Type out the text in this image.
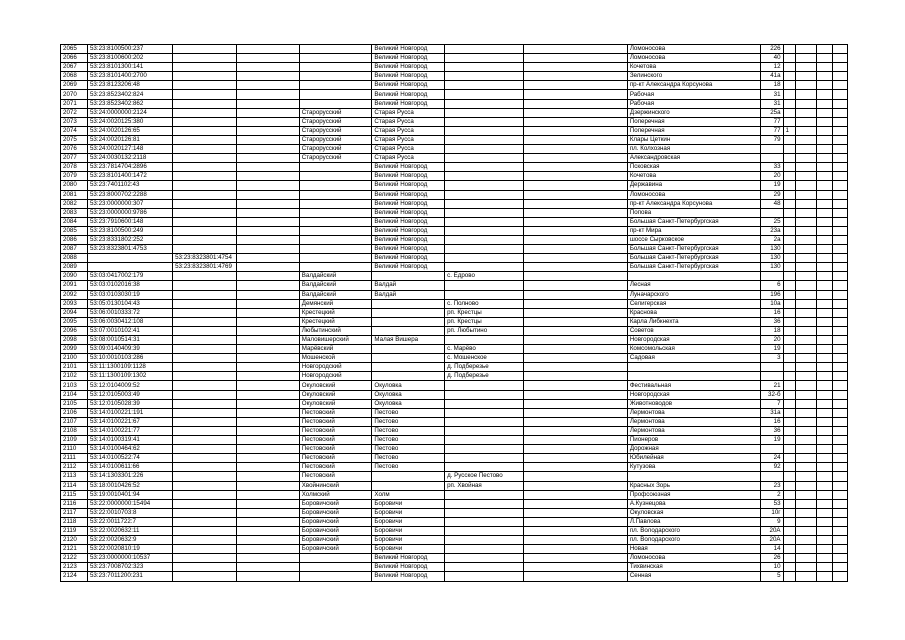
2065	53:23:8100500:237				Великий Новгород			Ломоносова	226				
2066	53:23:8100600:202				Великий Новгород			Ломоносова	40				
2067	53:23:8101300:141				Великий Новгород			Кочетова	12				
2068	53:23:8101400:2700				Великий Новгород			Зелинского	41а				
2069	53:23:8123206:48				Великий Новгород			пр-кт Александра Корсунова	18				
2070	53:23:8523402:824				Великий Новгород			Рабочая	31				
2071	53:23:8523402:862				Великий Новгород			Рабочая	31				
2072	53:24:0000000:2124			Старорусский	Старая Русса			Дзержинского	25а				
2073	53:24:0020125:380			Старорусский	Старая Русса			Поперечная	77				
2074	53:24:0020126:65			Старорусский	Старая Русса			Поперечная	77	1			
2075	53:24:0020126:81			Старорусский	Старая Русса			Клары Цеткин	79				
2076	53:24:0020127:148			Старорусский	Старая Русса			пл. Колхозная					
2077	53:24:0030132:2118			Старорусский	Старая Русса			Александровская					
2078	53:23:7814704:2896				Великий Новгород			Псковская	33				
2079	53:23:8101400:1472				Великий Новгород			Кочетова	20				
2080	53:23:7401102:43				Великий Новгород			Державина	19				
2081	53:23:8000702:2288				Великий Новгород			Ломоносова	29				
2082	53:23:0000000:307				Великий Новгород			пр-кт Александра Корсунова	48				
2083	53:23:0000000:9786				Великий Новгород			Попова					
2084	53:23:7910600:148				Великий Новгород			Большая Санкт-Петербургская	25				
2085	53:23:8100500:249				Великий Новгород			пр-кт Мира	23а				
2086	53:23:8331802:252				Великий Новгород			шоссе Сырковское	2а				
2087	53:23:8323801:4753				Великий Новгород			Большая Санкт-Петербургская	130				
2088		53:23:8323801:4754			Великий Новгород			Большая Санкт-Петербургская	130				
2089		53:23:8323801:4769			Великий Новгород			Большая Санкт-Петербургская	130				
2090	53:03:0417002:179			Валдайский		с. Едрово							
2091	53:03:0102016:38			Валдайский	Валдай			Лесная	6				
2092	53:03:0103030:19			Валдайский	Валдай			Луначарского	196				
2093	53:05:0130104:43			Демянский		с. Полново		Селигерская	10а				
2094	53:06:0010333:72			Крестецкий		рп. Крестцы		Краснова	16				
2095	53:06:0030412:108			Крестецкий		рп. Крестцы		Карла Либкнехта	36				
2096	53:07:0010102:41			Любытинский		рп. Любытино		Советов	18				
2098	53:08:0010514:31			Маловишерский	Малая Вишера			Новгородская	20				
2099	53:09:0140409:39			Марёвский		с. Марёво		Комсомольская	19				
2100	53:10:0010103:286			Мошенской		с. Мошенское		Садовая	3				
2101	53:11:1300109:1128			Новгородский		д. Подберезье							
2102	53:11:1300109:1302			Новгородский		д. Подберезье							
2103	53:12:0104009:52			Окуловский	Окуловка			Фестивальная	21				
2104	53:12:0105003:49			Окуловский	Окуловка			Новгородская	32-б				
2105	53:12:0105028:39			Окуловский	Окуловка			Животноводов	7				
2106	53:14:0100221:191			Пестовский	Пестово			Лермонтова	31а				
2107	53:14:0100221:67			Пестовский	Пестово			Лермонтова	16				
2108	53:14:0100221:77			Пестовский	Пестово			Лермонтова	36				
2109	53:14:0100319:41			Пестовский	Пестово			Пионеров	19				
2110	53:14:0100464:62			Пестовский	Пестово			Дорожная					
2111	53:14:0100522:74			Пестовский	Пестово			Юбилейная	24				
2112	53:14:0100611:66			Пестовский	Пестово			Кутузова	92				
2113	53:14:1303301:226			Пестовский		д. Русское Пестово							
2114	53:18:0010426:52			Хвойнинский		рп. Хвойная		Красных Зорь	23				
2115	53:19:0010401:94			Холмский	Холм			Профсоюзная	2				
2116	53:22:0000000:15494			Боровичский	Боровичи			А.Кузнецова	53				
2117	53:22:0010703:8			Боровичский	Боровичи			Окуловская	10г				
2118	53:22:0011722:7			Боровичский	Боровичи			Л.Павлова	9				
2119	53:22:0020632:11			Боровичский	Боровичи			пл. Володарского	20А				
2120	53:22:0020632:9			Боровичский	Боровичи			пл. Володарского	20А				
2121	53:22:0020810:19			Боровичский	Боровичи			Новая	14				
2122	53:23:0000000:10537				Великий Новгород			Ломоносова	26				
2123	53:23:7008702:323				Великий Новгород			Тихвинская	10				
2124	53:23:7011200:231				Великий Новгород			Сенная	5				
